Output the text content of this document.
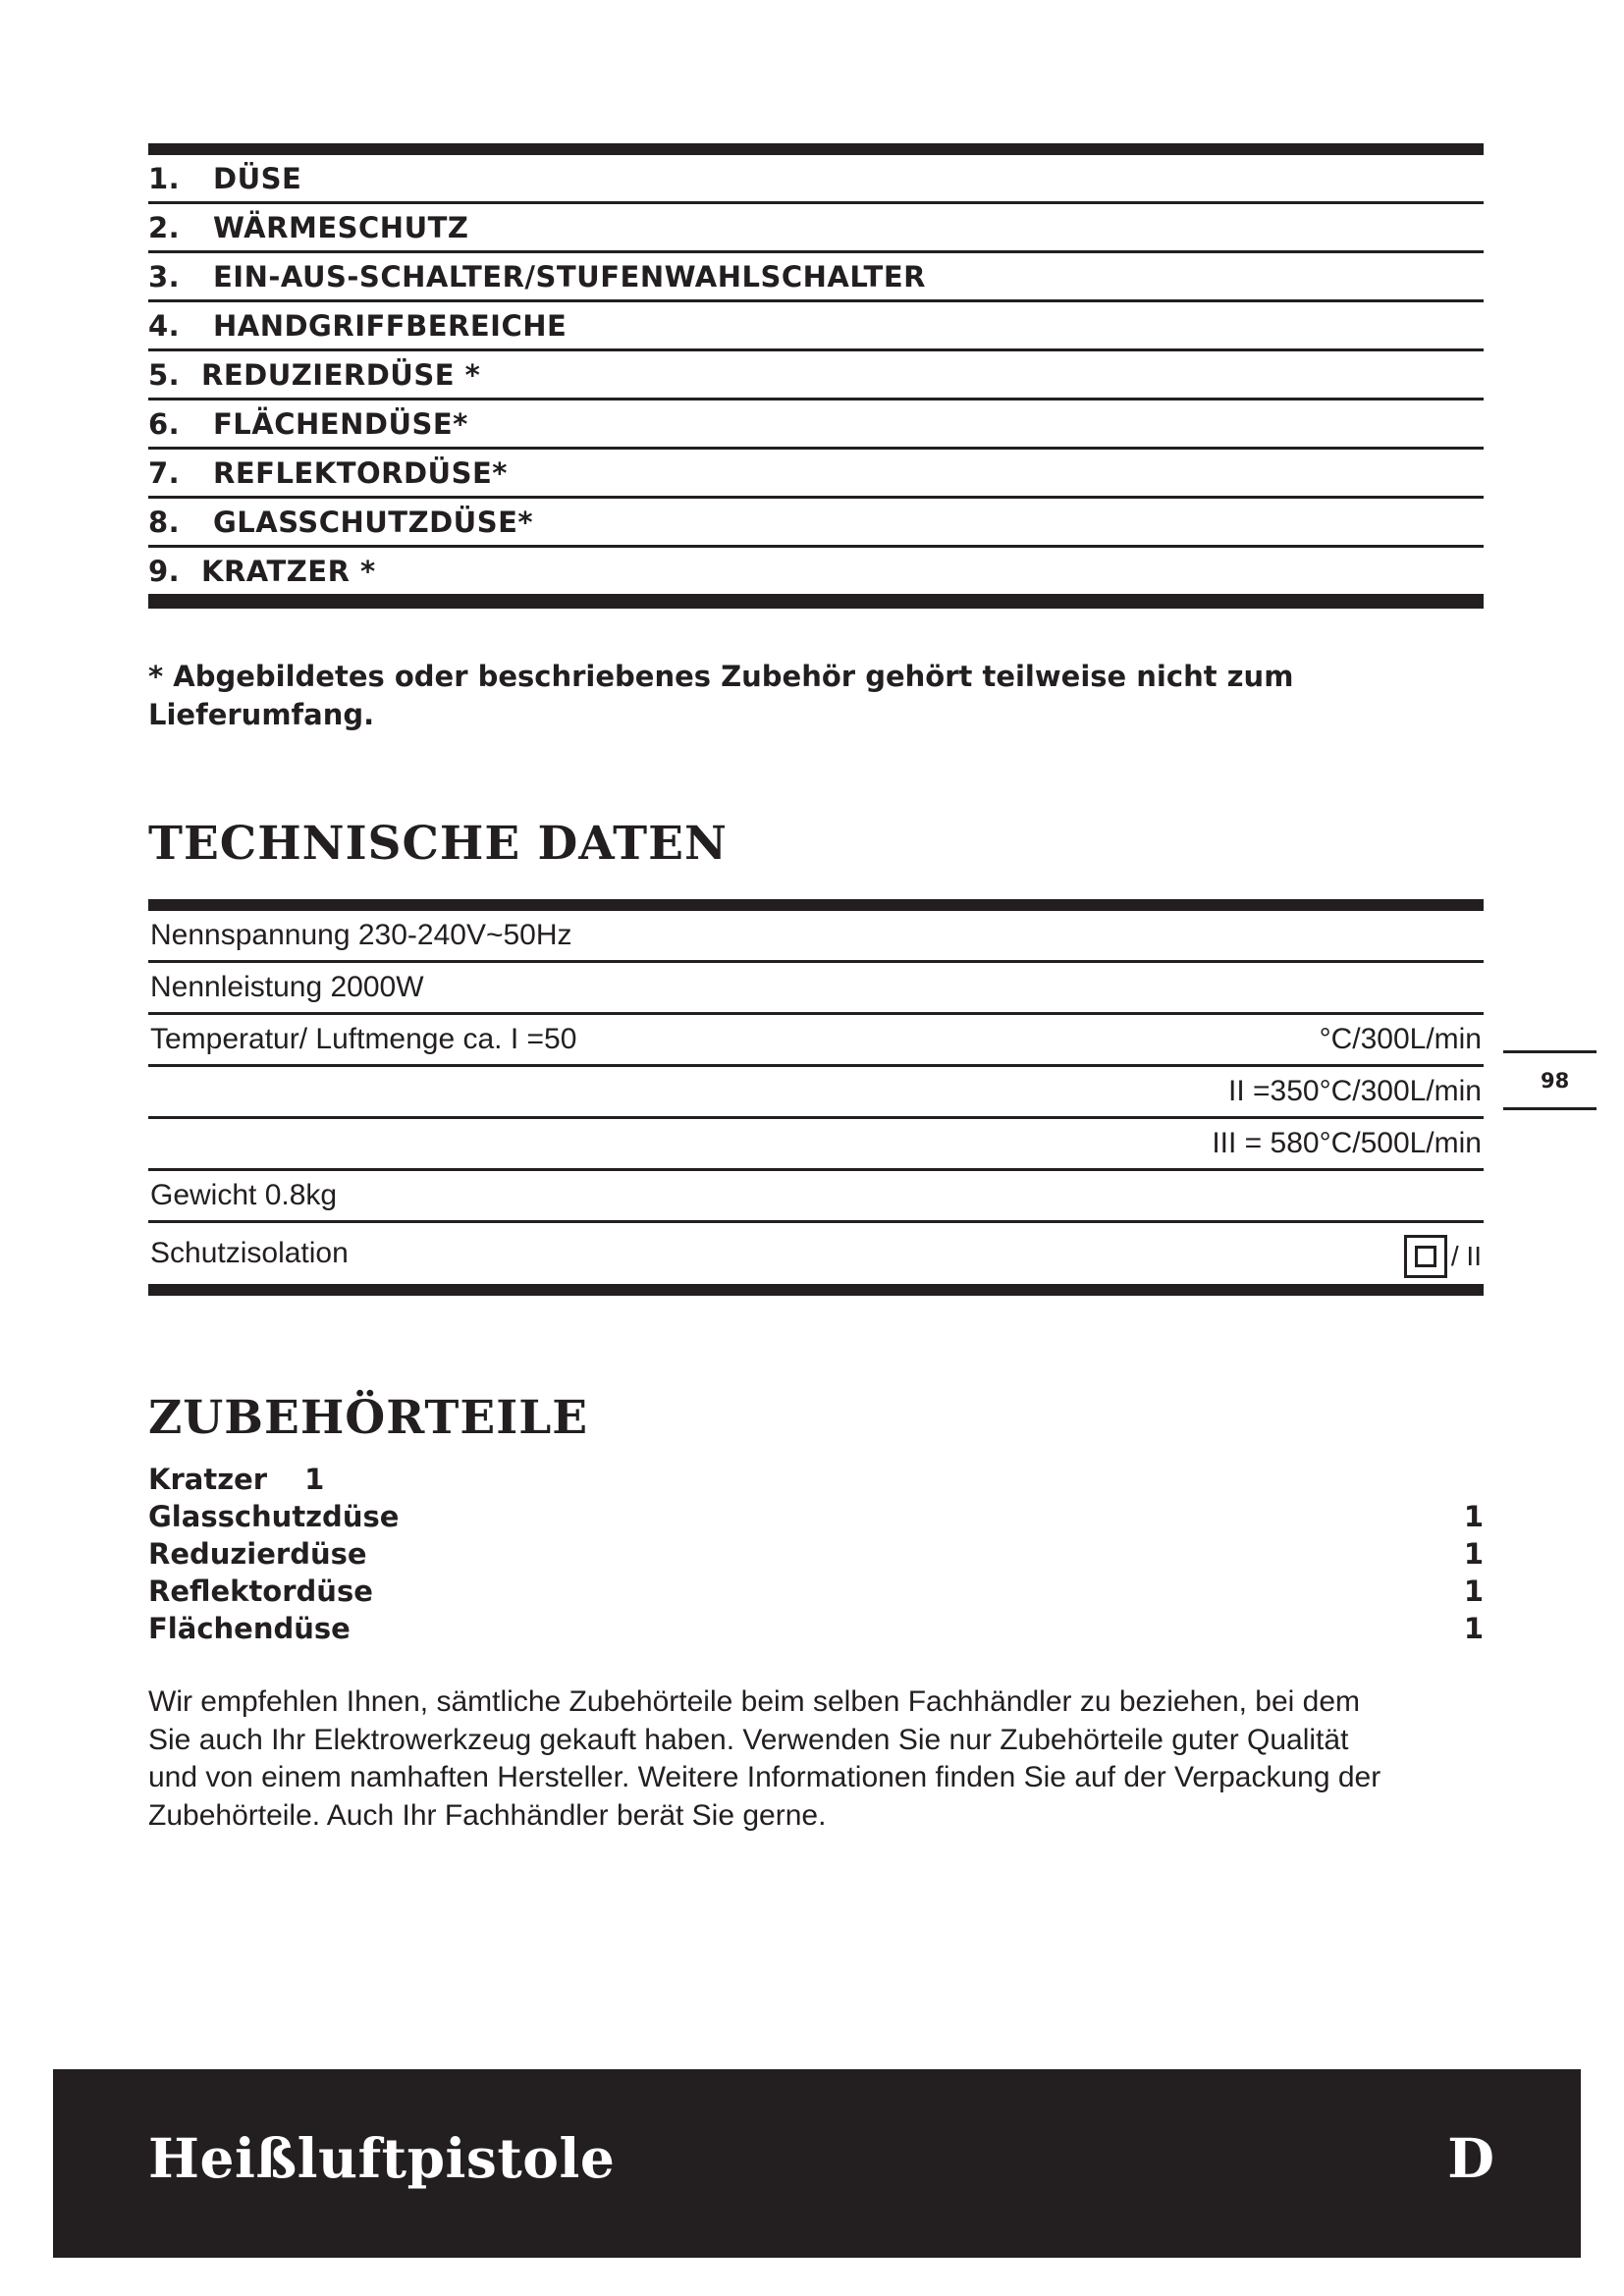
1.	DÜSE
2.	WÄRMESCHUTZ
3.	EIN-AUS-SCHALTER/STUFENWAHLSCHALTER
4.	HANDGRIFFBEREICHE
5. REDUZIERDÜSE *
6.	FLÄCHENDÜSE*
7.	REFLEKTORDÜSE*
8.	GLASSCHUTZDÜSE*
9. KRATZER *
* Abgebildetes oder beschriebenes Zubehör gehört teilweise nicht zum Lieferumfang.
TECHNISCHE DATEN
Nennspannung 230-240V~50Hz
Nennleistung 2000W
Temperatur/ Luftmenge ca. I =50	°C/300L/min
II =350°C/300L/min
III = 580°C/500L/min
Gewicht 0.8kg
Schutzisolation	/ II
98
ZUBEHÖRTEILE
Kratzer 1
Glasschutzdüse	1
Reduzierdüse	1
Reflektordüse	1
Flächendüse	1
Wir empfehlen Ihnen, sämtliche Zubehörteile beim selben Fachhändler zu beziehen, bei dem
Sie auch Ihr Elektrowerkzeug gekauft haben. Verwenden Sie nur Zubehörteile guter Qualität
und von einem namhaften Hersteller. Weitere Informationen finden Sie auf der Verpackung der
Zubehörteile. Auch Ihr Fachhändler berät Sie gerne.
Heißluftpistole	D
